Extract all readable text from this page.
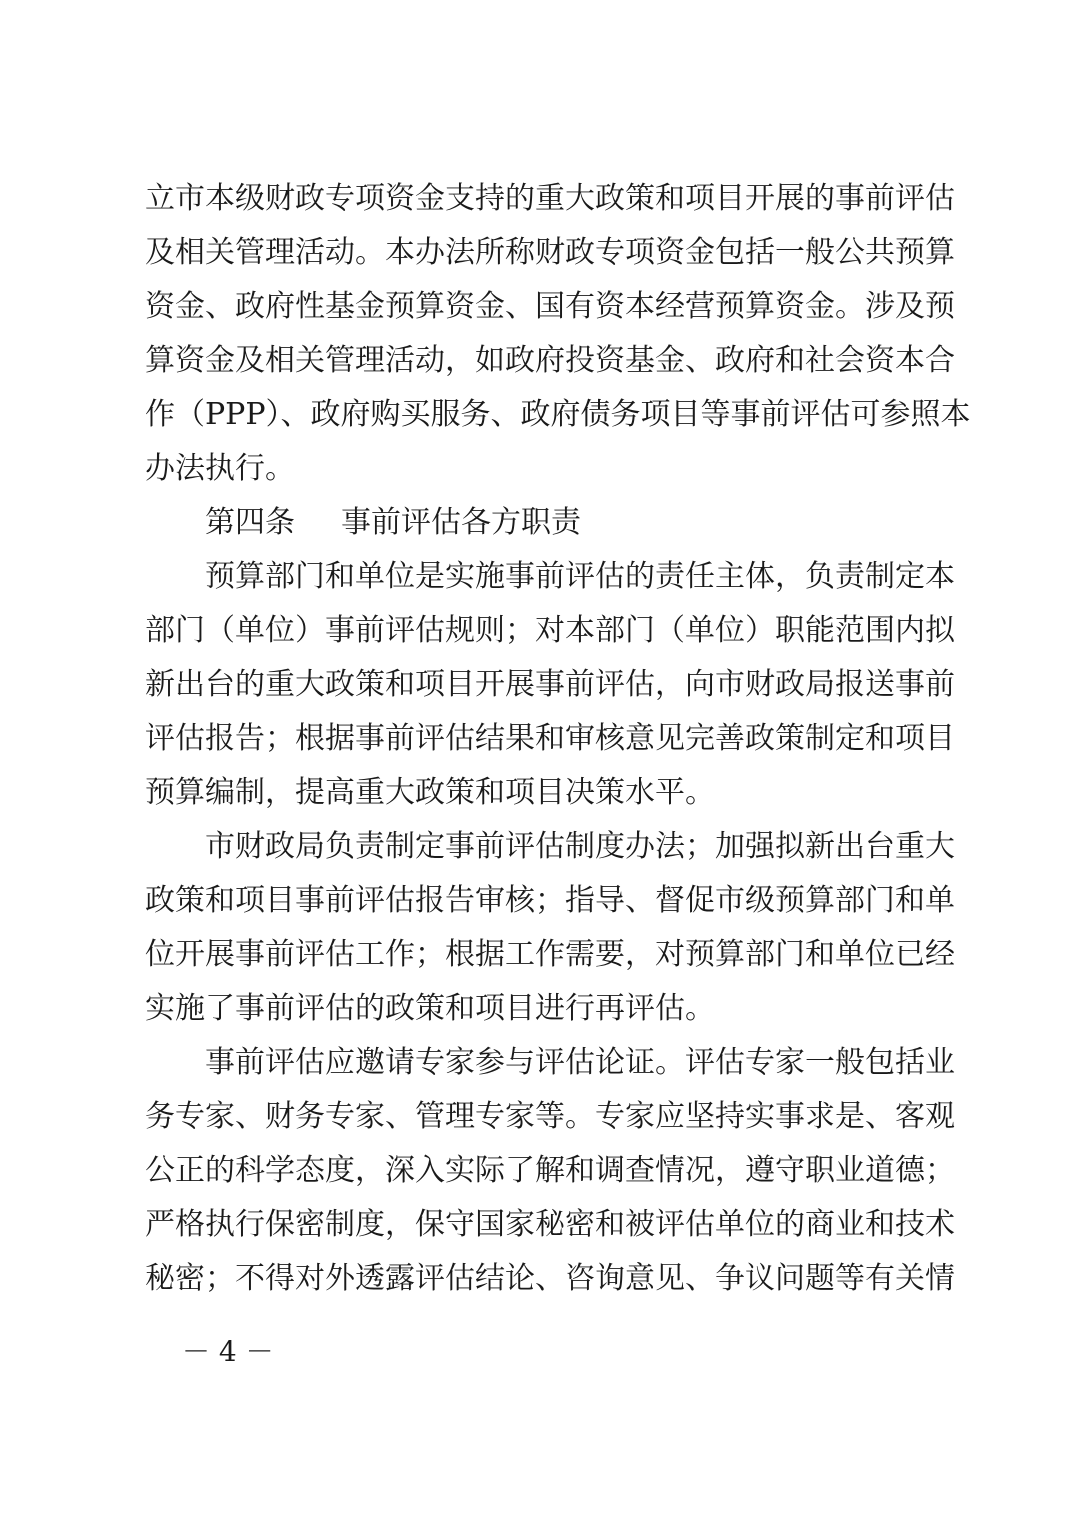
立市本级财政专项资金支持的重大政策和项目开展的事前评估
及相关管理活动。本办法所称财政专项资金包括一般公共预算
资金、政府性基金预算资金、国有资本经营预算资金。涉及预
算资金及相关管理活动，如政府投资基金、政府和社会资本合
作（PPP）、政府购买服务、政府债务项目等事前评估可参照本
办法执行。
第四条 事前评估各方职责
预算部门和单位是实施事前评估的责任主体，负责制定本
部门（单位）事前评估规则；对本部门（单位）职能范围内拟
新出台的重大政策和项目开展事前评估，向市财政局报送事前
评估报告；根据事前评估结果和审核意见完善政策制定和项目
预算编制，提高重大政策和项目决策水平。
市财政局负责制定事前评估制度办法；加强拟新出台重大
政策和项目事前评估报告审核；指导、督促市级预算部门和单
位开展事前评估工作；根据工作需要，对预算部门和单位已经
实施了事前评估的政策和项目进行再评估。
事前评估应邀请专家参与评估论证。评估专家一般包括业
务专家、财务专家、管理专家等。专家应坚持实事求是、客观
公正的科学态度，深入实际了解和调查情况，遵守职业道德；
严格执行保密制度，保守国家秘密和被评估单位的商业和技术
秘密；不得对外透露评估结论、咨询意见、争议问题等有关情
－ 4 －
